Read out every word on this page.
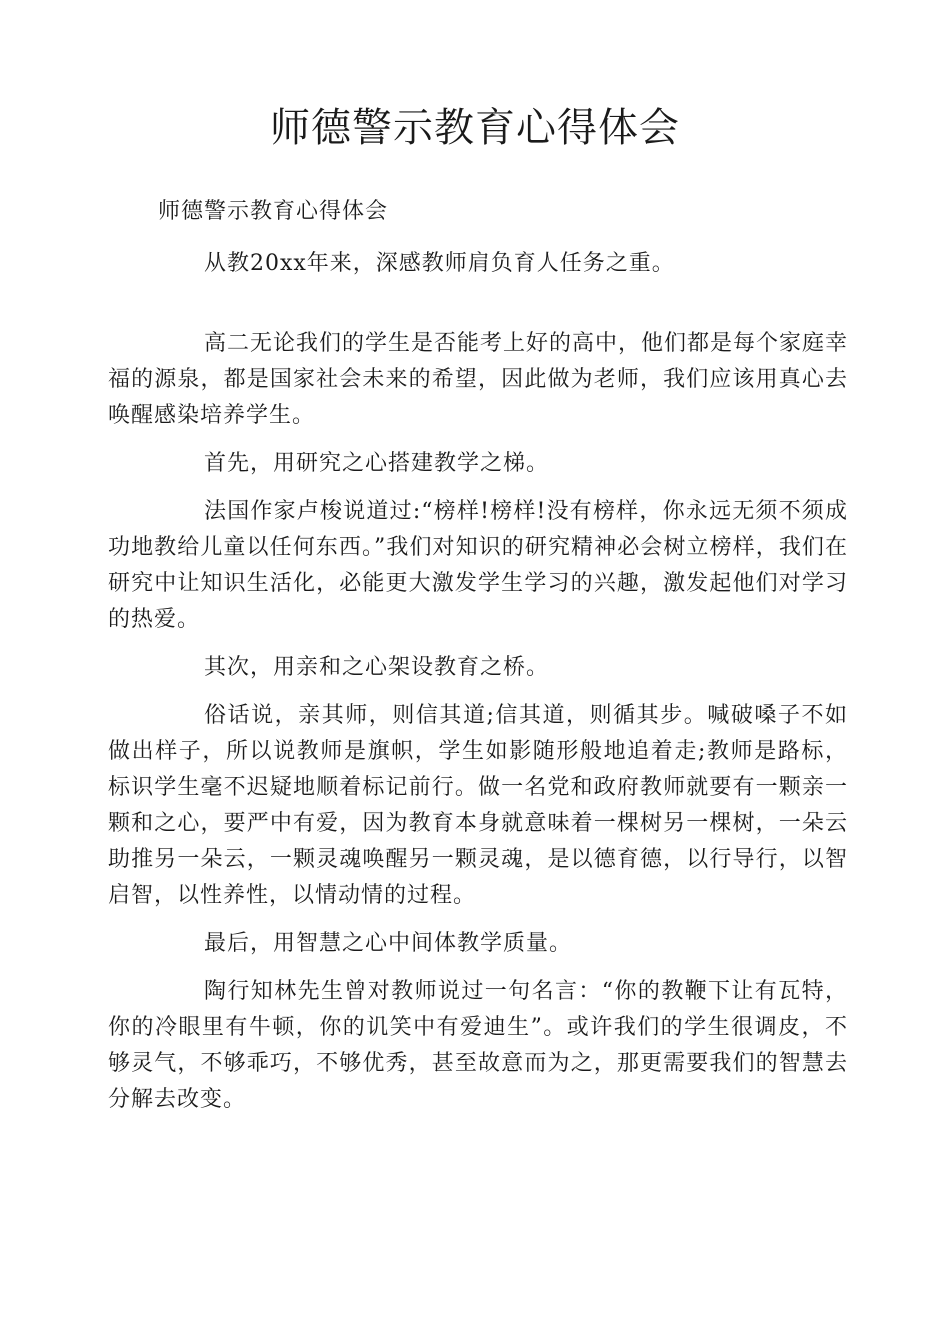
师德警示教育心得体会

师德警示教育心得体会

从教20xx年来，深感教师肩负育人任务之重。

高二无论我们的学生是否能考上好的高中，他们都是每个家庭幸福的源泉，都是国家社会未来的希望，因此做为老师，我们应该用真心去唤醒感染培养学生。

首先，用研究之心搭建教学之梯。

法国作家卢梭说道过:“榜样!榜样!没有榜样，你永远无须不须成功地教给儿童以任何东西。”我们对知识的研究精神必会树立榜样，我们在研究中让知识生活化，必能更大激发学生学习的兴趣，激发起他们对学习的热爱。

其次，用亲和之心架设教育之桥。

俗话说，亲其师，则信其道;信其道，则循其步。喊破嗓子不如做出样子，所以说教师是旗帜，学生如影随形般地追着走;教师是路标，标识学生毫不迟疑地顺着标记前行。做一名党和政府教师就要有一颗亲一颗和之心，要严中有爱，因为教育本身就意味着一棵树另一棵树，一朵云助推另一朵云，一颗灵魂唤醒另一颗灵魂，是以德育德，以行导行，以智启智，以性养性，以情动情的过程。

最后，用智慧之心中间体教学质量。

陶行知林先生曾对教师说过一句名言：“你的教鞭下让有瓦特，你的冷眼里有牛顿，你的讥笑中有爱迪生”。或许我们的学生很调皮，不够灵气，不够乖巧，不够优秀，甚至故意而为之，那更需要我们的智慧去分解去改变。
